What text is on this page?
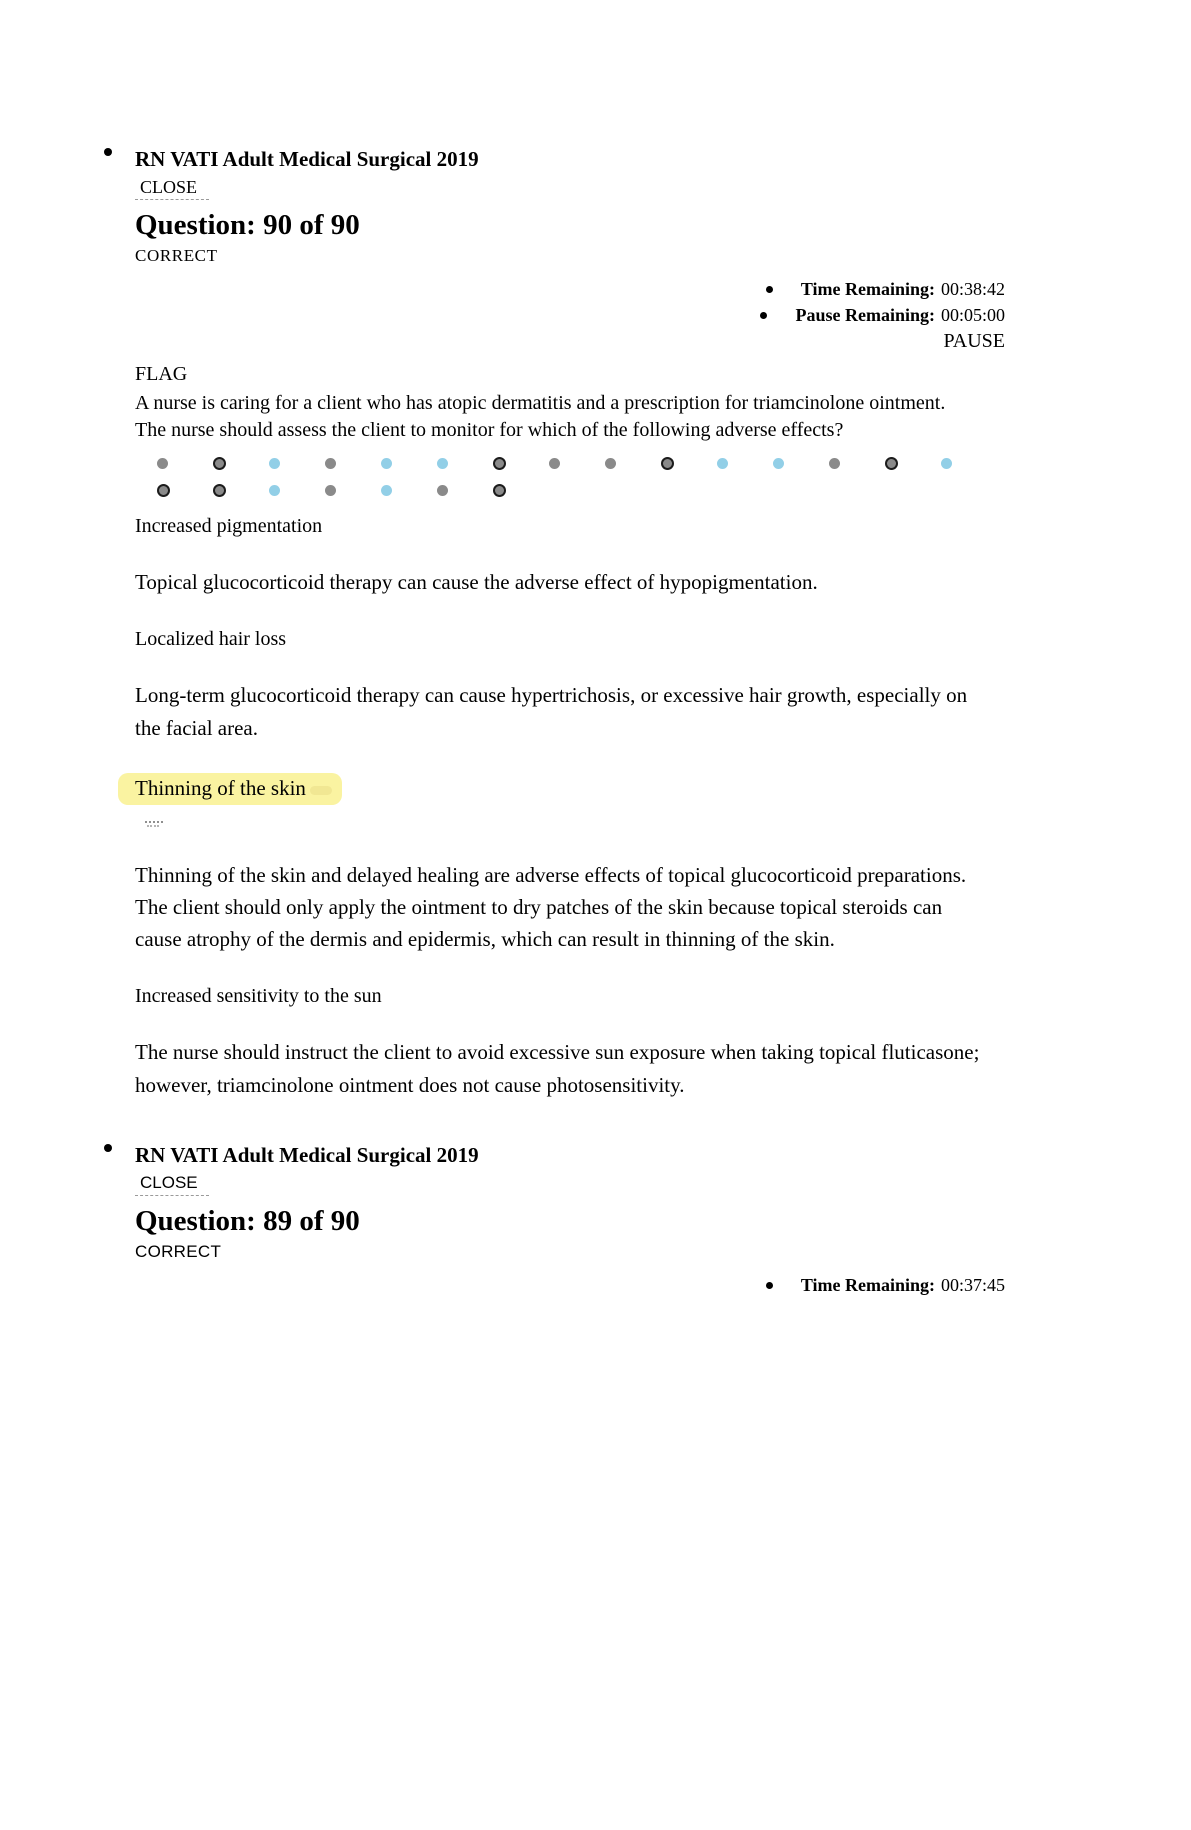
RN VATI Adult Medical Surgical 2019
CLOSE
Question: 90 of 90
CORRECT
Time Remaining: 00:38:42
Pause Remaining: 00:05:00
PAUSE
FLAG
A nurse is caring for a client who has atopic dermatitis and a prescription for triamcinolone ointment. The nurse should assess the client to monitor for which of the following adverse effects?
Increased pigmentation
Topical glucocorticoid therapy can cause the adverse effect of hypopigmentation.
Localized hair loss
Long-term glucocorticoid therapy can cause hypertrichosis, or excessive hair growth, especially on the facial area.
Thinning of the skin
Thinning of the skin and delayed healing are adverse effects of topical glucocorticoid preparations. The client should only apply the ointment to dry patches of the skin because topical steroids can cause atrophy of the dermis and epidermis, which can result in thinning of the skin.
Increased sensitivity to the sun
The nurse should instruct the client to avoid excessive sun exposure when taking topical fluticasone; however, triamcinolone ointment does not cause photosensitivity.
RN VATI Adult Medical Surgical 2019
CLOSE
Question: 89 of 90
CORRECT
Time Remaining: 00:37:45
